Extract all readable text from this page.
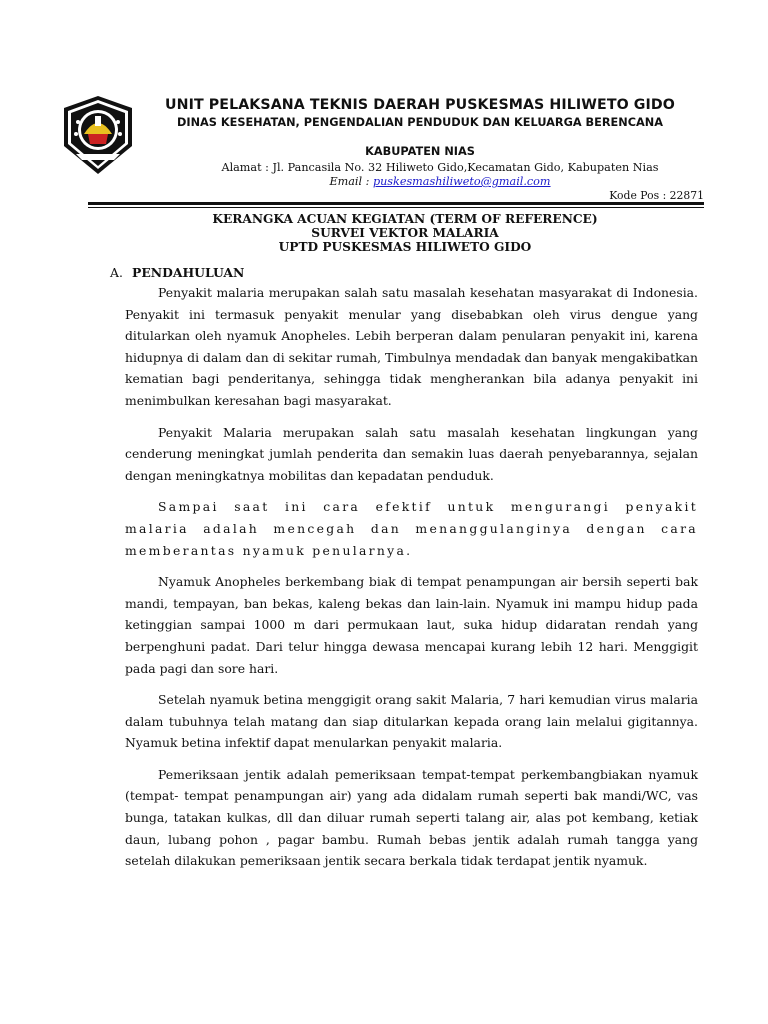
UNIT PELAKSANA TEKNIS DAERAH PUSKESMAS HILIWETO GIDO
DINAS KESEHATAN, PENGENDALIAN PENDUDUK DAN KELUARGA BERENCANA
KABUPATEN NIAS
Alamat : Jl. Pancasila No. 32 Hiliweto Gido,Kecamatan Gido, Kabupaten Nias
Email : puskesmashiliweto@gmail.com
Kode Pos : 22871
KERANGKA ACUAN KEGIATAN (TERM OF REFERENCE)
SURVEI VEKTOR MALARIA
UPTD PUSKESMAS HILIWETO GIDO
A. PENDAHULUAN

Penyakit malaria merupakan salah satu masalah kesehatan masyarakat di Indonesia. Penyakit ini termasuk penyakit menular yang disebabkan oleh virus dengue yang ditularkan oleh nyamuk Anopheles. Lebih berperan dalam penularan penyakit ini, karena hidupnya di dalam dan di sekitar rumah, Timbulnya mendadak dan banyak mengakibatkan kematian bagi penderitanya, sehingga tidak mengherankan bila adanya penyakit ini menimbulkan keresahan bagi masyarakat.

Penyakit Malaria merupakan salah satu masalah kesehatan lingkungan yang cenderung meningkat jumlah penderita dan semakin luas daerah penyebarannya, sejalan dengan meningkatnya mobilitas dan kepadatan penduduk.

Sampai saat ini cara efektif untuk mengurangi penyakit malaria adalah mencegah dan menanggulanginya dengan cara memberantas nyamuk penularnya.

Nyamuk Anopheles berkembang biak di tempat penampungan air bersih seperti bak mandi, tempayan, ban bekas, kaleng bekas dan lain-lain. Nyamuk ini mampu hidup pada ketinggian sampai 1000 m dari permukaan laut, suka hidup didaratan rendah yang berpenghuni padat. Dari telur hingga dewasa mencapai kurang lebih 12 hari. Menggigit pada pagi dan sore hari.

Setelah nyamuk betina menggigit orang sakit Malaria, 7 hari kemudian virus malaria dalam tubuhnya telah matang dan siap ditularkan kepada orang lain melalui gigitannya. Nyamuk betina infektif dapat menularkan penyakit malaria.

Pemeriksaan jentik adalah pemeriksaan tempat-tempat perkembangbiakan nyamuk (tempat- tempat penampungan air) yang ada didalam rumah seperti bak mandi/WC, vas bunga, tatakan kulkas, dll dan diluar rumah seperti talang air, alas pot kembang, ketiak daun, lubang pohon , pagar bambu. Rumah bebas jentik adalah rumah tangga yang setelah dilakukan pemeriksaan jentik secara berkala tidak terdapat jentik nyamuk.
